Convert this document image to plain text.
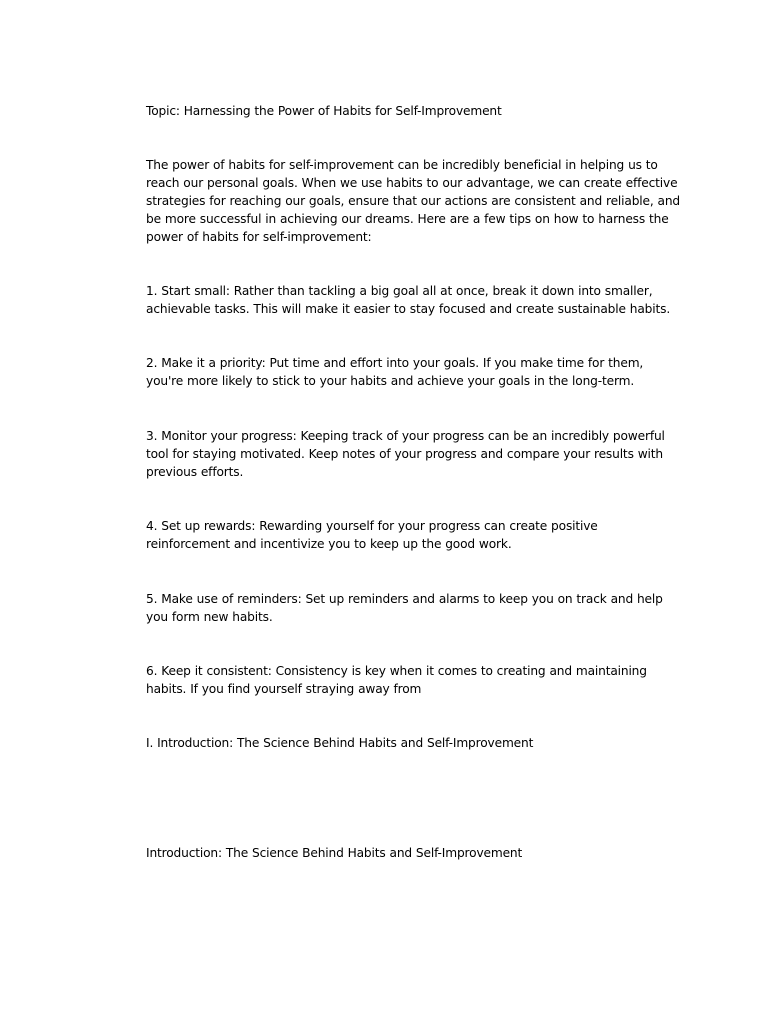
Topic: Harnessing the Power of Habits for Self-Improvement

The power of habits for self-improvement can be incredibly beneficial in helping us to
reach our personal goals. When we use habits to our advantage, we can create effective
strategies for reaching our goals, ensure that our actions are consistent and reliable, and
be more successful in achieving our dreams. Here are a few tips on how to harness the
power of habits for self-improvement:

1. Start small: Rather than tackling a big goal all at once, break it down into smaller,
achievable tasks. This will make it easier to stay focused and create sustainable habits.

2. Make it a priority: Put time and effort into your goals. If you make time for them,
you're more likely to stick to your habits and achieve your goals in the long-term.

3. Monitor your progress: Keeping track of your progress can be an incredibly powerful
tool for staying motivated. Keep notes of your progress and compare your results with
previous efforts.

4. Set up rewards: Rewarding yourself for your progress can create positive
reinforcement and incentivize you to keep up the good work.

5. Make use of reminders: Set up reminders and alarms to keep you on track and help
you form new habits.

6. Keep it consistent: Consistency is key when it comes to creating and maintaining
habits. If you find yourself straying away from

I. Introduction: The Science Behind Habits and Self-Improvement

Introduction: The Science Behind Habits and Self-Improvement
